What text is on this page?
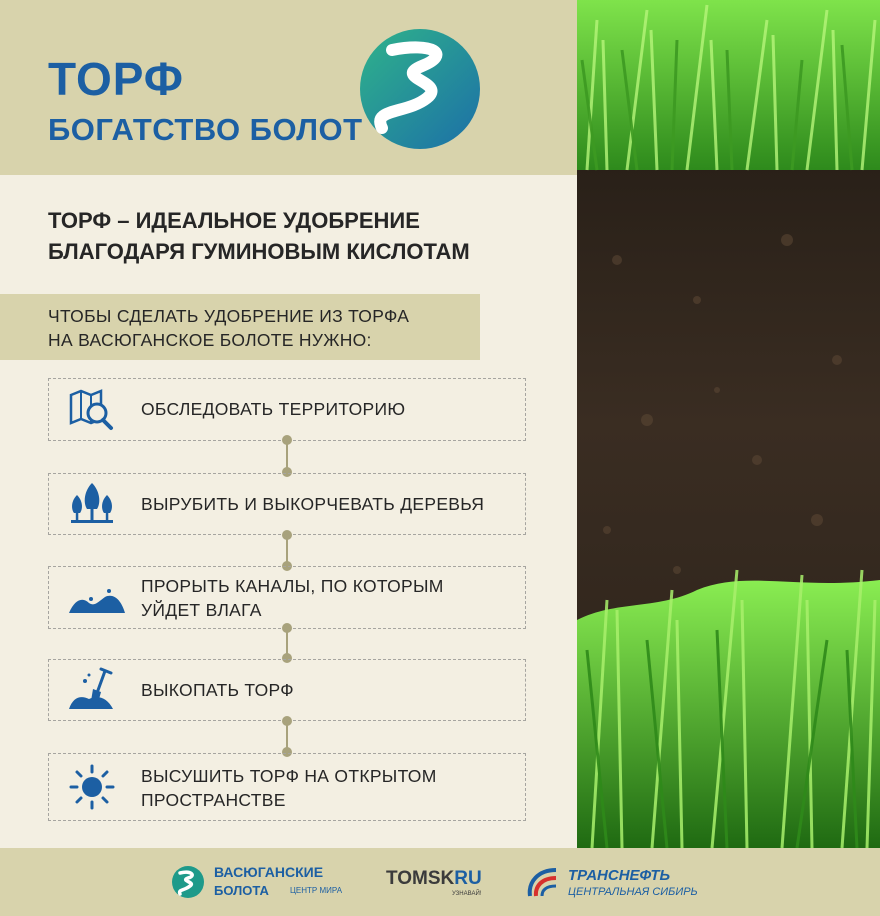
ТОРФ
БОГАТСТВО БОЛОТ
ТОРФ – ИДЕАЛЬНОЕ УДОБРЕНИЕ
БЛАГОДАРЯ ГУМИНОВЫМ КИСЛОТАМ
ЧТОБЫ СДЕЛАТЬ УДОБРЕНИЕ ИЗ ТОРФА
НА ВАСЮГАНСКОЕ БОЛОТЕ НУЖНО:
ОБСЛЕДОВАТЬ ТЕРРИТОРИЮ
ВЫРУБИТЬ И ВЫКОРЧЕВАТЬ ДЕРЕВЬЯ
ПРОРЫТЬ КАНАЛЫ, ПО КОТОРЫМ
УЙДЕТ ВЛАГА
ВЫКОПАТЬ ТОРФ
ВЫСУШИТЬ ТОРФ НА ОТКРЫТОМ
ПРОСТРАНСТВЕ
ВАСЮГАНСКИЕ
БОЛОТА	ЦЕНТР МИРА
TOMSKRU
УЗНАВАЙ!
ТРАНСНЕФТЬ
ЦЕНТРАЛЬНАЯ СИБИРЬ
